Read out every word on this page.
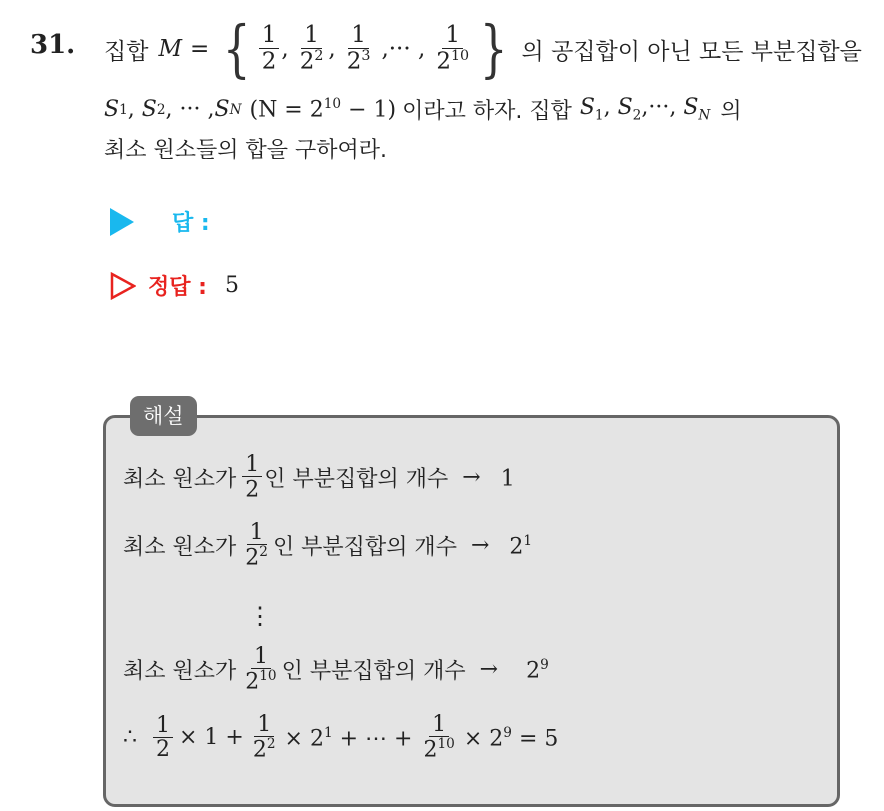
31. 집합 M = { $\frac{1}{2}$ , $\frac{1}{2^2}$ , $\frac{1}{2^3}$ ,··· , $\frac{1}{2^{10}}$ } 의 공집합이 아닌 모든 부분집합을
S 1 , S 2 , ··· , S N $(N = 2^{10} - 1)$ 이라고 하자. 집합 $S_1$, $S_2,\cdot\cdot\cdot$, $S_N$ 의
최소 원소들의 합을 구하여라.
답 :
정답 : 5
해설
최소 원소가 $\frac{1}{2}$ 인 부분집합의 개수 → 1
최소 원소가 $\frac{1}{2^2}$ 인 부분집합의 개수 → $2^1$
⋮
최소 원소가 $\frac{1}{2^{10}}$ 인 부분집합의 개수 → $2^9$
∴ $\frac{1}{2} \times 1 + \frac{1}{2^2} \times 2^1$ + ⋯ + $\frac{1}{2^{10}} \times 2^9 = 5$
